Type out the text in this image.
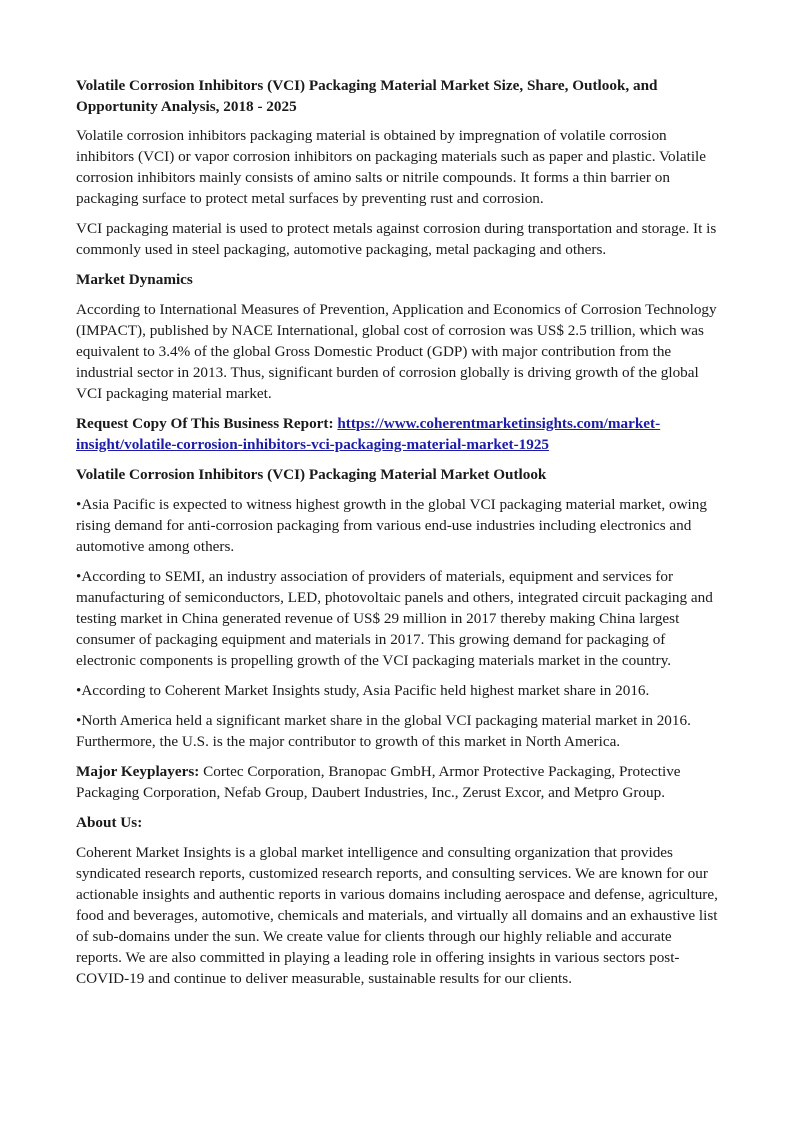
Volatile Corrosion Inhibitors (VCI) Packaging Material Market Size, Share, Outlook, and Opportunity Analysis, 2018 - 2025

Volatile corrosion inhibitors packaging material is obtained by impregnation of volatile corrosion inhibitors (VCI) or vapor corrosion inhibitors on packaging materials such as paper and plastic. Volatile corrosion inhibitors mainly consists of amino salts or nitrile compounds. It forms a thin barrier on packaging surface to protect metal surfaces by preventing rust and corrosion.

VCI packaging material is used to protect metals against corrosion during transportation and storage. It is commonly used in steel packaging, automotive packaging, metal packaging and others.

Market Dynamics

According to International Measures of Prevention, Application and Economics of Corrosion Technology (IMPACT), published by NACE International, global cost of corrosion was US$ 2.5 trillion, which was equivalent to 3.4% of the global Gross Domestic Product (GDP) with major contribution from the industrial sector in 2013. Thus, significant burden of corrosion globally is driving growth of the global VCI packaging material market.

Request Copy Of This Business Report: https://www.coherentmarketinsights.com/market-insight/volatile-corrosion-inhibitors-vci-packaging-material-market-1925

Volatile Corrosion Inhibitors (VCI) Packaging Material Market Outlook

•Asia Pacific is expected to witness highest growth in the global VCI packaging material market, owing rising demand for anti-corrosion packaging from various end-use industries including electronics and automotive among others.

•According to SEMI, an industry association of providers of materials, equipment and services for manufacturing of semiconductors, LED, photovoltaic panels and others, integrated circuit packaging and testing market in China generated revenue of US$ 29 million in 2017 thereby making China largest consumer of packaging equipment and materials in 2017. This growing demand for packaging of electronic components is propelling growth of the VCI packaging materials market in the country.

•According to Coherent Market Insights study, Asia Pacific held highest market share in 2016.

•North America held a significant market share in the global VCI packaging material market in 2016. Furthermore, the U.S. is the major contributor to growth of this market in North America.

Major Keyplayers: Cortec Corporation, Branopac GmbH, Armor Protective Packaging, Protective Packaging Corporation, Nefab Group, Daubert Industries, Inc., Zerust Excor, and Metpro Group.

About Us:

Coherent Market Insights is a global market intelligence and consulting organization that provides syndicated research reports, customized research reports, and consulting services. We are known for our actionable insights and authentic reports in various domains including aerospace and defense, agriculture, food and beverages, automotive, chemicals and materials, and virtually all domains and an exhaustive list of sub-domains under the sun. We create value for clients through our highly reliable and accurate reports. We are also committed in playing a leading role in offering insights in various sectors post-COVID-19 and continue to deliver measurable, sustainable results for our clients.
